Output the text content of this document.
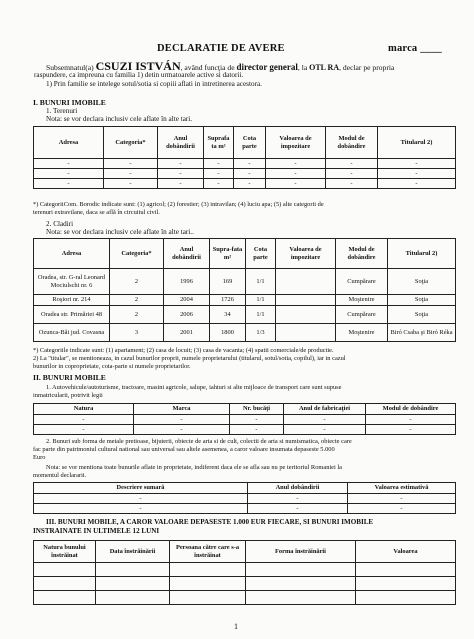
DECLARATIE DE AVERE	marca ____
Subsemnatul(a) CSUZI ISTVÁN, având funcţia de director general, la OTL RA, declar pe propria
raspundere, ca impreuna cu familia 1) detin urmatoarele active si datorii.
1) Prin familie se intelege sotul/sotia si copiii aflati in intretinerea acestora.
I. BUNURI IMOBILE
1. Terenuri
Nota: se vor declara inclusiv cele aflate în alte tari.
Adresa	Categoria*	Anul dobândirii	Suprafa ta m²	Cota parte	Valoarea de impozitare	Modul de dobândire	Titularul 2)
-	-	-	-	-	-	-	-
-	-	-	-	-	-	-	-
-	-	-	-	-	-	-	-
*) CategoriiCom. Borodic indicate sunt: (1) agricol; (2) forestier; (3) intravilan; (4) luciu apa; (5) alte categorii de
terenuri extravilane, daca se află în circuitul civil.
2. Cladiri
Nota: se vor declara inclusiv cele aflate în alte tari..
Adresa	Categoria*	Anul dobândirii	Supra-fata m²	Cota parte	Valoarea de impozitare	Modul de dobândire	Titularul 2)
Oradea, str. G-ral Leonard Mociulschi nr. 6	2	1996	169	1/1		Cumpărare	Soţia
Roşiori nr. 214	2	2004	1726	1/1		Moştenire	Soţia
Oradea str. Primăriei 48	2	2006	34	1/1		Cumpărare	Soţia
Ozunca-Băi jud. Covasna	3	2001	1800	1/3		Moştenire	Biró Csaba şi Biró Réka
*) Categoriile indicate sunt: (1) apartament; (2) casa de locuit; (3) casa de vacanta; (4) spatii comerciale/de productie.
2) La "titular", se mentioneaza, in cazul bunurilor proprii, numele proprietarului (titularul, sotul/sotia, copilul), iar in cazul
bunurilor in coproprietate, cota-parte si numele proprietarilor.
II. BUNURI MOBILE
1. Autovehicule/autoturisme, tractoare, masini agricole, salupe, iahturi si alte mijloace de transport care sunt supuse
inmatricularii, potrivit legii
Natura	Marca	Nr. bucăţi	Anul de fabricaţiei	Modul de dobândire
-	-	-	-	-
-	-	-	-	-
2. Bunuri sub forma de metale pretioase, bijuterii, obiecte de arta si de cult, colectii de arta si numismatica, obiecte care
fac parte din patrimoniul cultural national sau universal sau altele asemenea, a caror valoare insumata depaseste 5.000
Euro
Nota: se vor mentiona toate bunurile aflate in proprietate, indiferent daca ele se afla sau nu pe teritoriul Romaniei la
momentul declararii.
Descriere sumară	Anul dobândirii	Valoarea estimativă
-	-	-
-	-	-
III. BUNURI MOBILE, A CAROR VALOARE DEPASESTE 1.000 EUR FIECARE, SI BUNURI IMOBILE
INSTRAINATE IN ULTIMELE 12 LUNI
Natura bunului înstrăinat	Data înstrăinării	Persoana către care s-a înstrăinat	Forma înstrăinării	Valoarea

1
